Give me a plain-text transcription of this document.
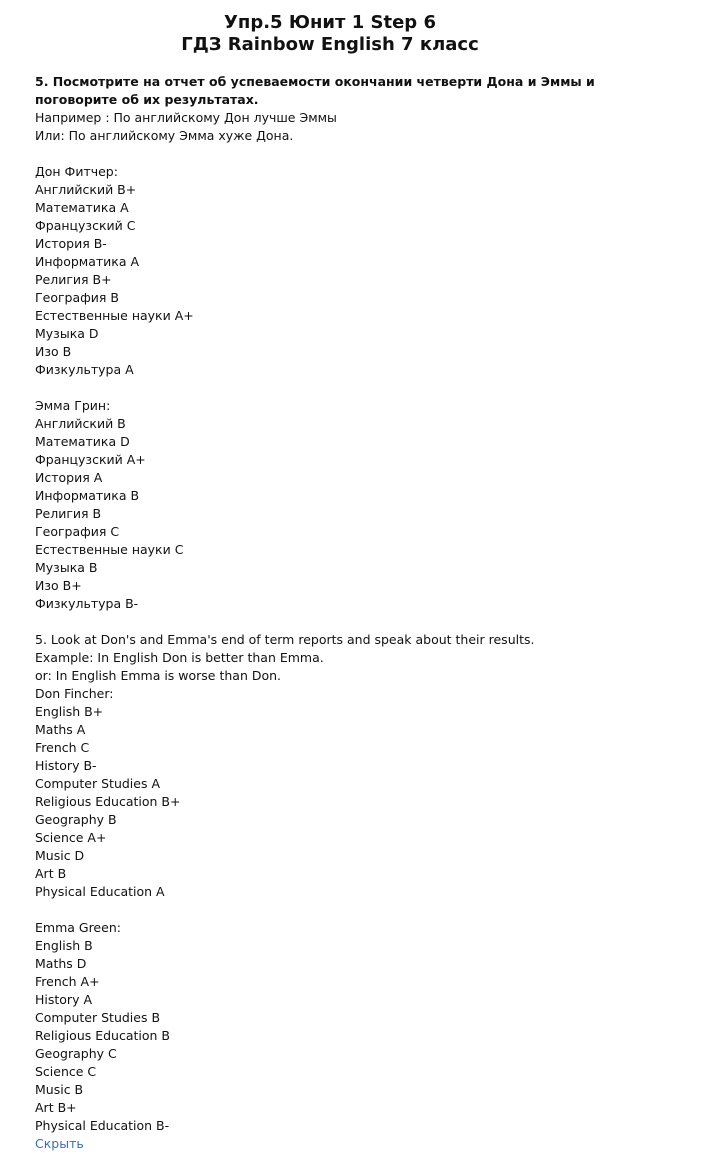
Упр.5 Юнит 1 Step 6
ГДЗ Rainbow English 7 класс

5. Посмотрите на отчет об успеваемости окончании четверти Дона и Эммы и поговорите об их результатах.

Например : По английскому Дон лучше Эммы

Или: По английскому Эмма хуже Дона.

Дон Фитчер:

Английский B+

Математика A

Французский C

История B-

Информатика A

Религия B+

География B

Естественные науки A+

Музыка D

Изо B

Физкультура A

Эмма Грин:

Английский B

Математика D

Французский A+

История A

Информатика B

Религия B

География C

Естественные науки C

Музыка B

Изо B+

Физкультура B-

5. Look at Don's and Emma's end of term reports and speak about their results.

Example: In English Don is better than Emma.

or: In English Emma is worse than Don.

Don Fincher:

English B+

Maths A

French C

History B-

Computer Studies A

Religious Education B+

Geography B

Science A+

Music D

Art B

Physical Education A

Emma Green:

English B

Maths D

French A+

History A

Computer Studies B

Religious Education B

Geography C

Science C

Music B

Art B+

Physical Education B-

Скрыть
